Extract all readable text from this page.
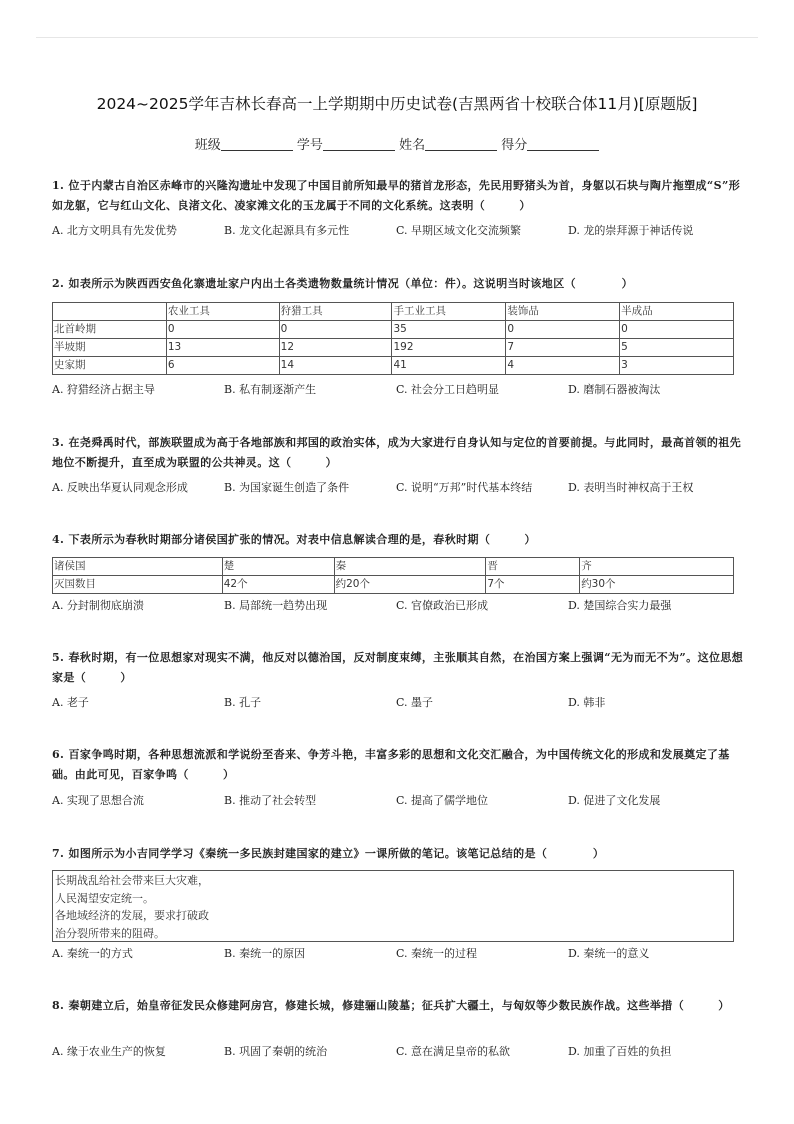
2024~2025学年吉林长春高一上学期期中历史试卷(吉黑两省十校联合体11月)[原题版]
班级	学号	姓名	得分
1. 位于内蒙古自治区赤峰市的兴隆沟遗址中发现了中国目前所知最早的猪首龙形态，先民用野猪头为首，身躯以石块与陶片拖塑成“S”形如龙躯，它与红山文化、良渚文化、凌家滩文化的玉龙属于不同的文化系统。这表明（　　　）
A. 北方文明具有先发优势	B. 龙文化起源具有多元性	C. 早期区域文化交流频繁	D. 龙的崇拜源于神话传说
2. 如表所示为陕西西安鱼化寨遗址家户内出土各类遗物数量统计情况（单位：件）。这说明当时该地区（　　　　）
	农业工具	狩猎工具	手工业工具	装饰品	半成品
北首岭期	0	0	35	0	0
半坡期	13	12	192	7	5
史家期	6	14	41	4	3
A. 狩猎经济占据主导	B. 私有制逐渐产生	C. 社会分工日趋明显	D. 磨制石器被淘汰
3. 在尧舜禹时代，部族联盟成为高于各地部族和邦国的政治实体，成为大家进行自身认知与定位的首要前提。与此同时，最高首领的祖先地位不断提升，直至成为联盟的公共神灵。这（　　　）
A. 反映出华夏认同观念形成	B. 为国家诞生创造了条件	C. 说明“万邦”时代基本终结	D. 表明当时神权高于王权
4. 下表所示为春秋时期部分诸侯国扩张的情况。对表中信息解读合理的是，春秋时期（　　　）
诸侯国	楚	秦	晋	齐
灭国数目	42个	约20个	7个	约30个
A. 分封制彻底崩溃	B. 局部统一趋势出现	C. 官僚政治已形成	D. 楚国综合实力最强
5. 春秋时期，有一位思想家对现实不满，他反对以德治国，反对制度束缚，主张顺其自然，在治国方案上强调“无为而无不为”。这位思想家是（　　　）
A. 老子	B. 孔子	C. 墨子	D. 韩非
6. 百家争鸣时期，各种思想流派和学说纷至沓来、争芳斗艳，丰富多彩的思想和文化交汇融合，为中国传统文化的形成和发展奠定了基础。由此可见，百家争鸣（　　　）
A. 实现了思想合流	B. 推动了社会转型	C. 提高了儒学地位	D. 促进了文化发展
7. 如图所示为小吉同学学习《秦统一多民族封建国家的建立》一课所做的笔记。该笔记总结的是（　　　　）
长期战乱给社会带来巨大灾难，
人民渴望安定统一。
各地域经济的发展，要求打破政
治分裂所带来的阻碍。
A. 秦统一的方式	B. 秦统一的原因	C. 秦统一的过程	D. 秦统一的意义
8. 秦朝建立后，始皇帝征发民众修建阿房宫，修建长城，修建骊山陵墓；征兵扩大疆土，与匈奴等少数民族作战。这些举措（　　　）
A. 缘于农业生产的恢复	B. 巩固了秦朝的统治	C. 意在满足皇帝的私欲	D. 加重了百姓的负担
